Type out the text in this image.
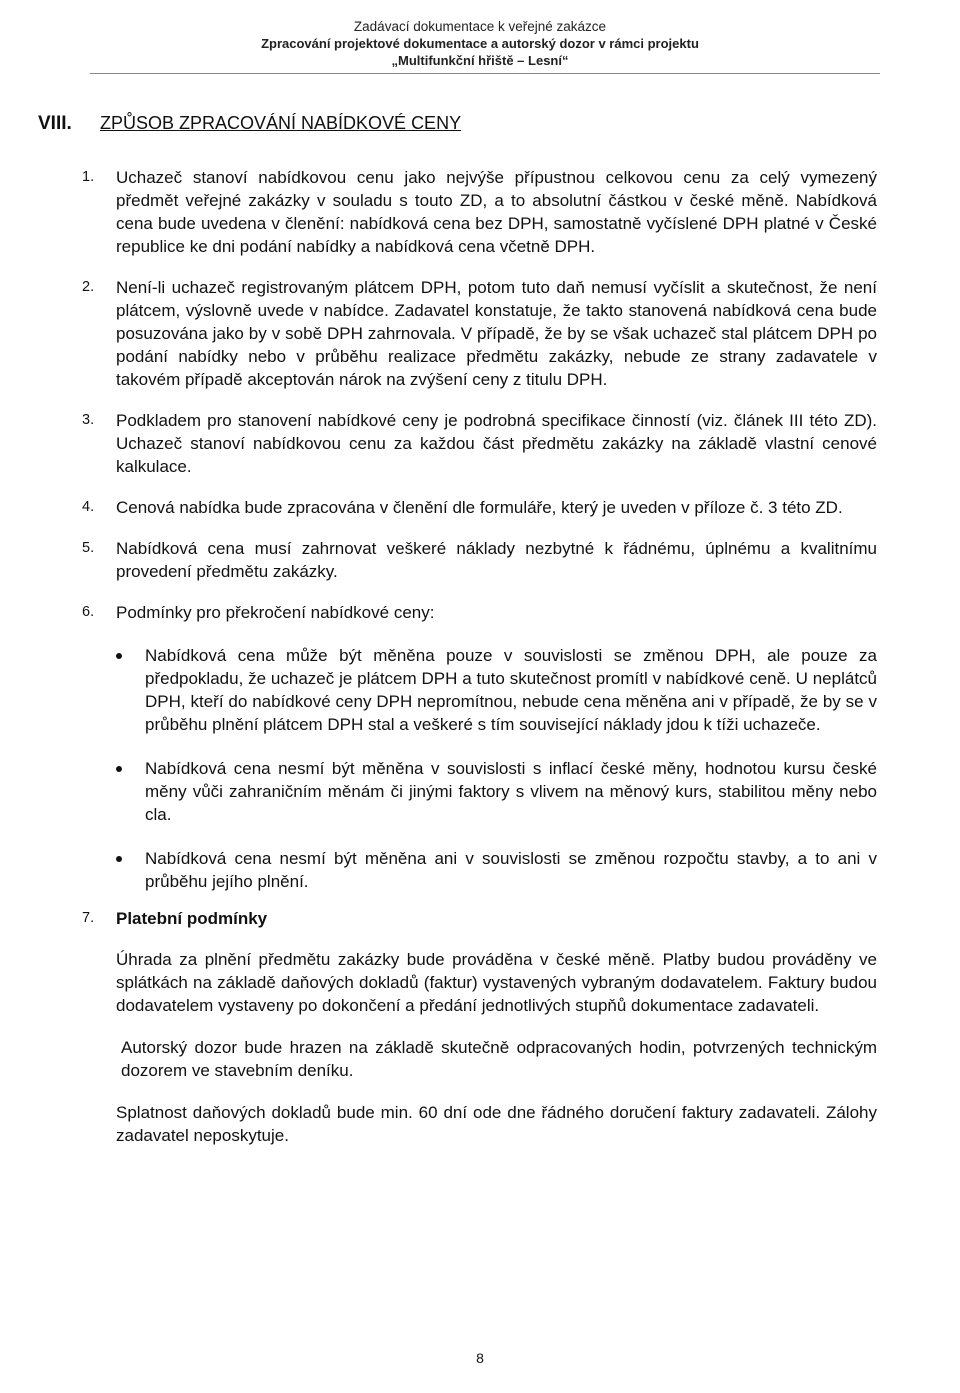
Zadávací dokumentace k veřejné zakázce
Zpracování projektové dokumentace a autorský dozor v rámci projektu
„Multifunkční hřiště – Lesní“
VIII. ZPŮSOB ZPRACOVÁNÍ NABÍDKOVÉ CENY
1. Uchazeč stanoví nabídkovou cenu jako nejvýše přípustnou celkovou cenu za celý vymezený předmět veřejné zakázky v souladu s touto ZD, a to absolutní částkou v české měně. Nabídková cena bude uvedena v členění: nabídková cena bez DPH, samostatně vyčíslené DPH platné v České republice ke dni podání nabídky a nabídková cena včetně DPH.
2. Není-li uchazeč registrovaným plátcem DPH, potom tuto daň nemusí vyčíslit a skutečnost, že není plátcem, výslovně uvede v nabídce. Zadavatel konstatuje, že takto stanovená nabídková cena bude posuzována jako by v sobě DPH zahrnovala. V případě, že by se však uchazeč stal plátcem DPH po podání nabídky nebo v průběhu realizace předmětu zakázky, nebude ze strany zadavatele v takovém případě akceptován nárok na zvýšení ceny z titulu DPH.
3. Podkladem pro stanovení nabídkové ceny je podrobná specifikace činností (viz. článek III této ZD). Uchazeč stanoví nabídkovou cenu za každou část předmětu zakázky na základě vlastní cenové kalkulace.
4. Cenová nabídka bude zpracována v členění dle formuláře, který je uveden v příloze č. 3 této ZD.
5. Nabídková cena musí zahrnovat veškeré náklady nezbytné k řádnému, úplnému a kvalitnímu provedení předmětu zakázky.
6. Podmínky pro překročení nabídkové ceny:
Nabídková cena může být měněna pouze v souvislosti se změnou DPH, ale pouze za předpokladu, že uchazeč je plátcem DPH a tuto skutečnost promítl v nabídkové ceně. U neplátců DPH, kteří do nabídkové ceny DPH nepromítnou, nebude cena měněna ani v případě, že by se v průběhu plnění plátcem DPH stal a veškeré s tím související náklady jdou k tíži uchazeče.
Nabídková cena nesmí být měněna v souvislosti s inflací české měny, hodnotou kursu české měny vůči zahraničním měnám či jinými faktory s vlivem na měnový kurs, stabilitou měny nebo cla.
Nabídková cena nesmí být měněna ani v souvislosti se změnou rozpočtu stavby, a to ani v průběhu jejího plnění.
7. Platební podmínky
Úhrada za plnění předmětu zakázky bude prováděna v české měně. Platby budou prováděny ve splátkách na základě daňových dokladů (faktur) vystavených vybraným dodavatelem. Faktury budou dodavatelem vystaveny po dokončení a předání jednotlivých stupňů dokumentace zadavateli.
Autorský dozor bude hrazen na základě skutečně odpracovaných hodin, potvrzených technickým dozorem ve stavebním deníku.
Splatnost daňových dokladů bude min. 60 dní ode dne řádného doručení faktury zadavateli. Zálohy zadavatel neposkytuje.
8
